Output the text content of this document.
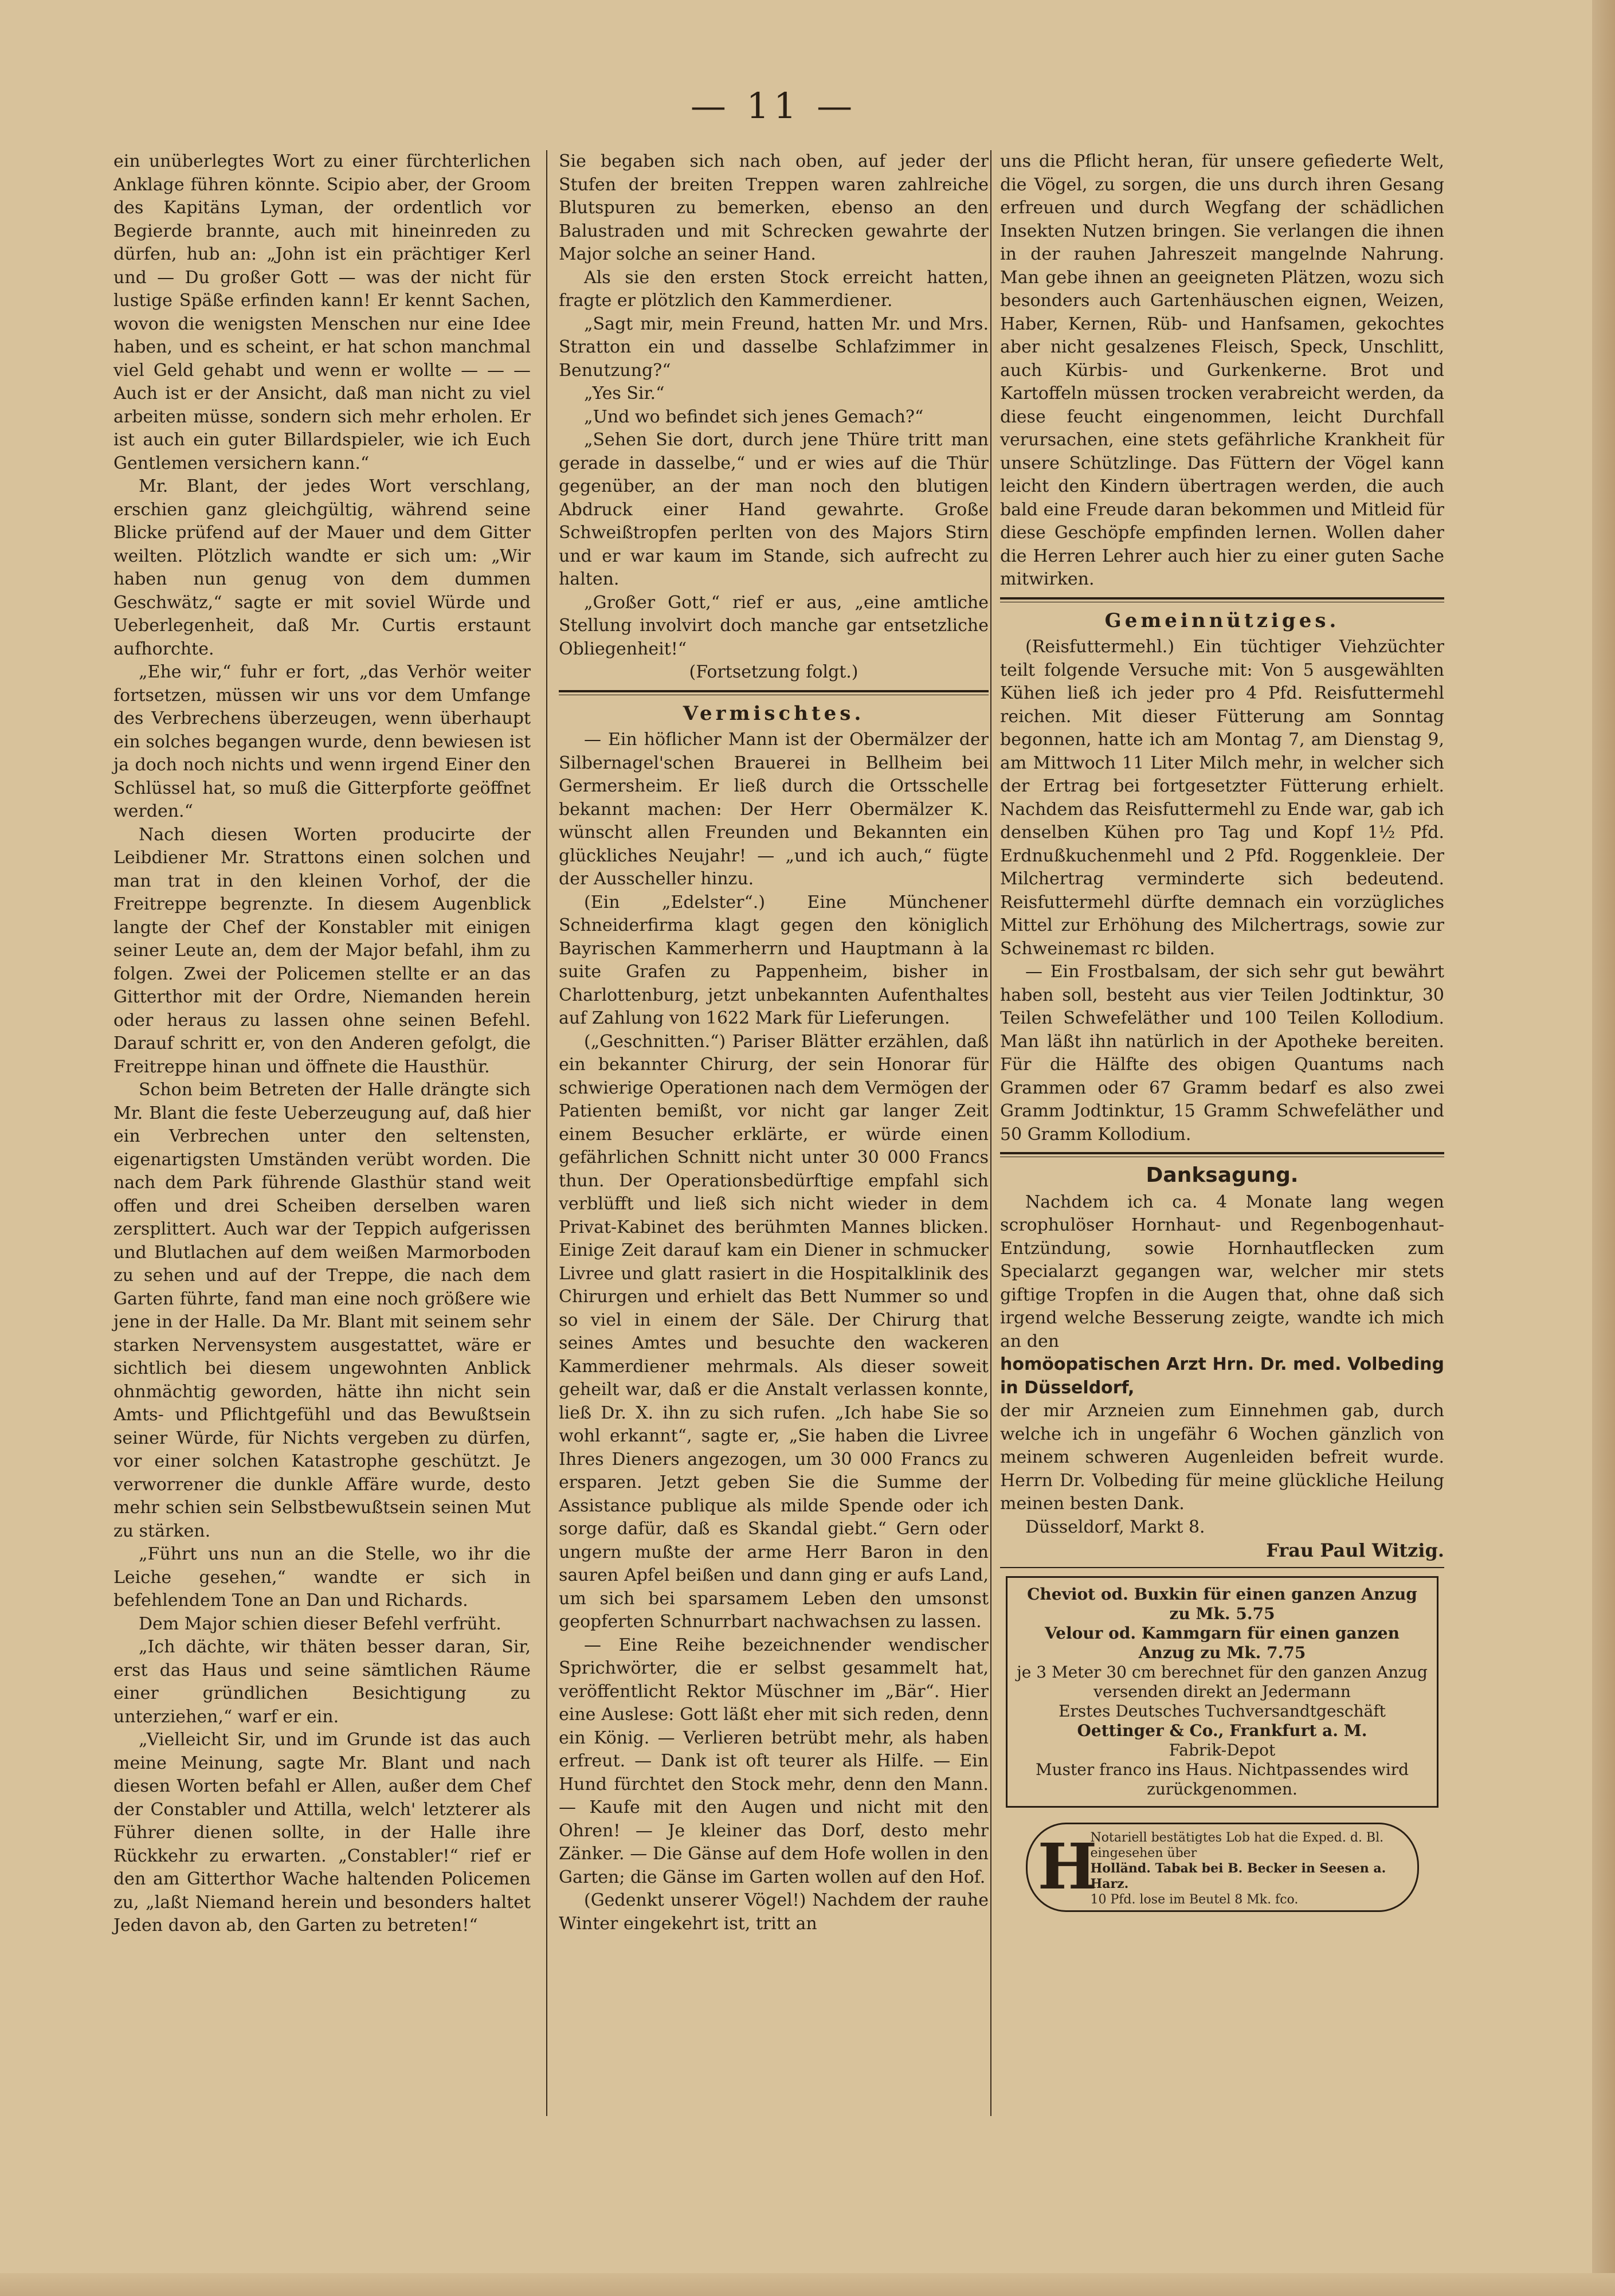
— 11 —

ein unüberlegtes Wort zu einer fürchterlichen Anklage führen könnte. Scipio aber, der Groom des Kapitäns Lyman, der ordentlich vor Begierde brannte, auch mit hineinreden zu dürfen, hub an: „John ist ein prächtiger Kerl und — Du großer Gott — was der nicht für lustige Späße erfinden kann! Er kennt Sachen, wovon die wenigsten Menschen nur eine Idee haben, und es scheint, er hat schon manchmal viel Geld gehabt und wenn er wollte — — — Auch ist er der Ansicht, daß man nicht zu viel arbeiten müsse, sondern sich mehr erholen. Er ist auch ein guter Billardspieler, wie ich Euch Gentlemen versichern kann.“

Mr. Blant, der jedes Wort verschlang, erschien ganz gleichgültig, während seine Blicke prüfend auf der Mauer und dem Gitter weilten. Plötzlich wandte er sich um: „Wir haben nun genug von dem dummen Geschwätz,“ sagte er mit soviel Würde und Ueberlegenheit, daß Mr. Curtis erstaunt aufhorchte.

„Ehe wir,“ fuhr er fort, „das Verhör weiter fortsetzen, müssen wir uns vor dem Umfange des Verbrechens überzeugen, wenn überhaupt ein solches begangen wurde, denn bewiesen ist ja doch noch nichts und wenn irgend Einer den Schlüssel hat, so muß die Gitterpforte geöffnet werden.“

Nach diesen Worten producirte der Leibdiener Mr. Strattons einen solchen und man trat in den kleinen Vorhof, der die Freitreppe begrenzte. In diesem Augenblick langte der Chef der Konstabler mit einigen seiner Leute an, dem der Major befahl, ihm zu folgen. Zwei der Policemen stellte er an das Gitterthor mit der Ordre, Niemanden herein oder heraus zu lassen ohne seinen Befehl. Darauf schritt er, von den Anderen gefolgt, die Freitreppe hinan und öffnete die Hausthür.

Schon beim Betreten der Halle drängte sich Mr. Blant die feste Ueberzeugung auf, daß hier ein Verbrechen unter den seltensten, eigenartigsten Umständen verübt worden. Die nach dem Park führende Glasthür stand weit offen und drei Scheiben derselben waren zersplittert. Auch war der Teppich aufgerissen und Blutlachen auf dem weißen Marmorboden zu sehen und auf der Treppe, die nach dem Garten führte, fand man eine noch größere wie jene in der Halle. Da Mr. Blant mit seinem sehr starken Nervensystem ausgestattet, wäre er sichtlich bei diesem ungewohnten Anblick ohnmächtig geworden, hätte ihn nicht sein Amts- und Pflichtgefühl und das Bewußtsein seiner Würde, für Nichts vergeben zu dürfen, vor einer solchen Katastrophe geschützt. Je verworrener die dunkle Affäre wurde, desto mehr schien sein Selbstbewußtsein seinen Mut zu stärken.

„Führt uns nun an die Stelle, wo ihr die Leiche gesehen,“ wandte er sich in befehlendem Tone an Dan und Richards.

Dem Major schien dieser Befehl verfrüht.

„Ich dächte, wir thäten besser daran, Sir, erst das Haus und seine sämtlichen Räume einer gründlichen Besichtigung zu unterziehen,“ warf er ein.

„Vielleicht Sir, und im Grunde ist das auch meine Meinung, sagte Mr. Blant und nach diesen Worten befahl er Allen, außer dem Chef der Constabler und Attilla, welch' letzterer als Führer dienen sollte, in der Halle ihre Rückkehr zu erwarten. „Constabler!“ rief er den am Gitterthor Wache haltenden Policemen zu, „laßt Niemand herein und besonders haltet Jeden davon ab, den Garten zu betreten!“

Sie begaben sich nach oben, auf jeder der Stufen der breiten Treppen waren zahlreiche Blutspuren zu bemerken, ebenso an den Balustraden und mit Schrecken gewahrte der Major solche an seiner Hand.

Als sie den ersten Stock erreicht hatten, fragte er plötzlich den Kammerdiener.

„Sagt mir, mein Freund, hatten Mr. und Mrs. Stratton ein und dasselbe Schlafzimmer in Benutzung?“

„Yes Sir.“

„Und wo befindet sich jenes Gemach?“

„Sehen Sie dort, durch jene Thüre tritt man gerade in dasselbe,“ und er wies auf die Thür gegenüber, an der man noch den blutigen Abdruck einer Hand gewahrte. Große Schweißtropfen perlten von des Majors Stirn und er war kaum im Stande, sich aufrecht zu halten.

„Großer Gott,“ rief er aus, „eine amtliche Stellung involvirt doch manche gar entsetzliche Obliegenheit!“

(Fortsetzung folgt.)

Vermischtes.

— Ein höflicher Mann ist der Obermälzer der Silbernagel'schen Brauerei in Bellheim bei Germersheim. Er ließ durch die Ortsschelle bekannt machen: Der Herr Obermälzer K. wünscht allen Freunden und Bekannten ein glückliches Neujahr! — „und ich auch,“ fügte der Ausscheller hinzu.

(Ein „Edelster“.) Eine Münchener Schneiderfirma klagt gegen den königlich Bayrischen Kammerherrn und Hauptmann à la suite Grafen zu Pappenheim, bisher in Charlottenburg, jetzt unbekannten Aufenthaltes auf Zahlung von 1622 Mark für Lieferungen.

(„Geschnitten.“) Pariser Blätter erzählen, daß ein bekannter Chirurg, der sein Honorar für schwierige Operationen nach dem Vermögen der Patienten bemißt, vor nicht gar langer Zeit einem Besucher erklärte, er würde einen gefährlichen Schnitt nicht unter 30 000 Francs thun. Der Operationsbedürftige empfahl sich verblüfft und ließ sich nicht wieder in dem Privat-Kabinet des berühmten Mannes blicken. Einige Zeit darauf kam ein Diener in schmucker Livree und glatt rasiert in die Hospitalklinik des Chirurgen und erhielt das Bett Nummer so und so viel in einem der Säle. Der Chirurg that seines Amtes und besuchte den wackeren Kammerdiener mehrmals. Als dieser soweit geheilt war, daß er die Anstalt verlassen konnte, ließ Dr. X. ihn zu sich rufen. „Ich habe Sie so wohl erkannt“, sagte er, „Sie haben die Livree Ihres Dieners angezogen, um 30 000 Francs zu ersparen. Jetzt geben Sie die Summe der Assistance publique als milde Spende oder ich sorge dafür, daß es Skandal giebt.“ Gern oder ungern mußte der arme Herr Baron in den sauren Apfel beißen und dann ging er aufs Land, um sich bei sparsamem Leben den umsonst geopferten Schnurrbart nachwachsen zu lassen.

— Eine Reihe bezeichnender wendischer Sprichwörter, die er selbst gesammelt hat, veröffentlicht Rektor Müschner im „Bär“. Hier eine Auslese: Gott läßt eher mit sich reden, denn ein König. — Verlieren betrübt mehr, als haben erfreut. — Dank ist oft teurer als Hilfe. — Ein Hund fürchtet den Stock mehr, denn den Mann. — Kaufe mit den Augen und nicht mit den Ohren! — Je kleiner das Dorf, desto mehr Zänker. — Die Gänse auf dem Hofe wollen in den Garten; die Gänse im Garten wollen auf den Hof.

(Gedenkt unserer Vögel!) Nachdem der rauhe Winter eingekehrt ist, tritt an

uns die Pflicht heran, für unsere gefiederte Welt, die Vögel, zu sorgen, die uns durch ihren Gesang erfreuen und durch Wegfang der schädlichen Insekten Nutzen bringen. Sie verlangen die ihnen in der rauhen Jahreszeit mangelnde Nahrung. Man gebe ihnen an geeigneten Plätzen, wozu sich besonders auch Gartenhäuschen eignen, Weizen, Haber, Kernen, Rüb- und Hanfsamen, gekochtes aber nicht gesalzenes Fleisch, Speck, Unschlitt, auch Kürbis- und Gurkenkerne. Brot und Kartoffeln müssen trocken verabreicht werden, da diese feucht eingenommen, leicht Durchfall verursachen, eine stets gefährliche Krankheit für unsere Schützlinge. Das Füttern der Vögel kann leicht den Kindern übertragen werden, die auch bald eine Freude daran bekommen und Mitleid für diese Geschöpfe empfinden lernen. Wollen daher die Herren Lehrer auch hier zu einer guten Sache mitwirken.

Gemeinnütziges.

(Reisfuttermehl.) Ein tüchtiger Viehzüchter teilt folgende Versuche mit: Von 5 ausgewählten Kühen ließ ich jeder pro 4 Pfd. Reisfuttermehl reichen. Mit dieser Fütterung am Sonntag begonnen, hatte ich am Montag 7, am Dienstag 9, am Mittwoch 11 Liter Milch mehr, in welcher sich der Ertrag bei fortgesetzter Fütterung erhielt. Nachdem das Reisfuttermehl zu Ende war, gab ich denselben Kühen pro Tag und Kopf 1½ Pfd. Erdnußkuchenmehl und 2 Pfd. Roggenkleie. Der Milchertrag verminderte sich bedeutend. Reisfuttermehl dürfte demnach ein vorzügliches Mittel zur Erhöhung des Milchertrags, sowie zur Schweinemast rc bilden.

— Ein Frostbalsam, der sich sehr gut bewährt haben soll, besteht aus vier Teilen Jodtinktur, 30 Teilen Schwefeläther und 100 Teilen Kollodium. Man läßt ihn natürlich in der Apotheke bereiten. Für die Hälfte des obigen Quantums nach Grammen oder 67 Gramm bedarf es also zwei Gramm Jodtinktur, 15 Gramm Schwefeläther und 50 Gramm Kollodium.

Danksagung.

Nachdem ich ca. 4 Monate lang wegen scrophulöser Hornhaut- und Regenbogenhaut-Entzündung, sowie Hornhautflecken zum Specialarzt gegangen war, welcher mir stets giftige Tropfen in die Augen that, ohne daß sich irgend welche Besserung zeigte, wandte ich mich an den

homöopatischen Arzt Hrn. Dr. med. Volbeding in Düsseldorf,

der mir Arzneien zum Einnehmen gab, durch welche ich in ungefähr 6 Wochen gänzlich von meinem schweren Augenleiden befreit wurde. Herrn Dr. Volbeding für meine glückliche Heilung meinen besten Dank.

Düsseldorf, Markt 8.

Frau Paul Witzig.

Cheviot od. Buxkin für einen ganzen Anzug zu Mk. 5.75
Velour od. Kammgarn für einen ganzen Anzug zu Mk. 7.75
je 3 Meter 30 cm berechnet für den ganzen Anzug versenden direkt an Jedermann
Erstes Deutsches Tuchversandtgeschäft
Oettinger & Co., Frankfurt a. M.
Fabrik-Depot
Muster franco ins Haus. Nichtpassendes wird zurückgenommen.
H
Notariell bestätigtes Lob hat die Exped. d. Bl. eingesehen über
Holländ. Tabak bei B. Becker in Seesen a. Harz.
10 Pfd. lose im Beutel 8 Mk. fco.
